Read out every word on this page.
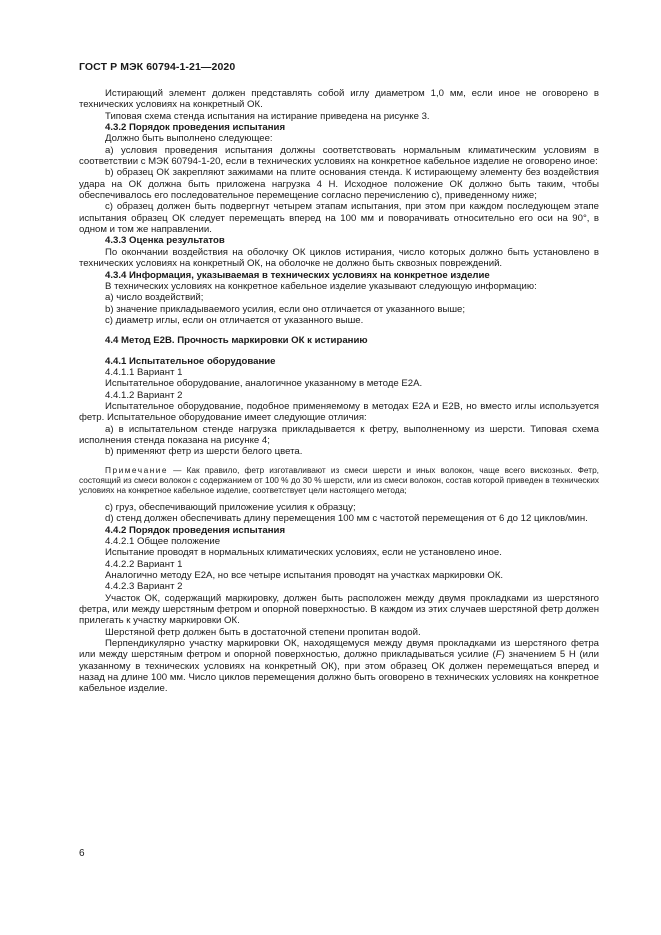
ГОСТ Р МЭК 60794-1-21—2020

Истирающий элемент должен представлять собой иглу диаметром 1,0 мм, если иное не оговорено в технических условиях на конкретный ОК.

Типовая схема стенда испытания на истирание приведена на рисунке 3.

4.3.2 Порядок проведения испытания

Должно быть выполнено следующее:

a) условия проведения испытания должны соответствовать нормальным климатическим условиям в соответствии с МЭК 60794-1-20, если в технических условиях на конкретное кабельное изделие не оговорено иное:

b) образец ОК закрепляют зажимами на плите основания стенда. К истирающему элементу без воздействия удара на ОК должна быть приложена нагрузка 4 Н. Исходное положение ОК должно быть таким, чтобы обеспечивалось его последовательное перемещение согласно перечислению c), приведенному ниже;

c) образец должен быть подвергнут четырем этапам испытания, при этом при каждом последующем этапе испытания образец ОК следует перемещать вперед на 100 мм и поворачивать относительно его оси на 90°, в одном и том же направлении.

4.3.3 Оценка результатов

По окончании воздействия на оболочку ОК циклов истирания, число которых должно быть установлено в технических условиях на конкретный ОК, на оболочке не должно быть сквозных повреждений.

4.3.4 Информация, указываемая в технических условиях на конкретное изделие

В технических условиях на конкретное кабельное изделие указывают следующую информацию:

a) число воздействий;

b) значение прикладываемого усилия, если оно отличается от указанного выше;

c) диаметр иглы, если он отличается от указанного выше.

4.4 Метод E2B. Прочность маркировки ОК к истиранию

4.4.1 Испытательное оборудование

4.4.1.1 Вариант 1

Испытательное оборудование, аналогичное указанному в методе E2A.

4.4.1.2 Вариант 2

Испытательное оборудование, подобное применяемому в методах E2A и E2B, но вместо иглы используется фетр. Испытательное оборудование имеет следующие отличия:

a) в испытательном стенде нагрузка прикладывается к фетру, выполненному из шерсти. Типовая схема исполнения стенда показана на рисунке 4;

b) применяют фетр из шерсти белого цвета.

Примечание — Как правило, фетр изготавливают из смеси шерсти и иных волокон, чаще всего вискозных. Фетр, состоящий из смеси волокон с содержанием от 100 % до 30 % шерсти, или из смеси волокон, состав которой приведен в технических условиях на конкретное кабельное изделие, соответствует цели настоящего метода;

c) груз, обеспечивающий приложение усилия к образцу;

d) стенд должен обеспечивать длину перемещения 100 мм с частотой перемещения от 6 до 12 циклов/мин.

4.4.2 Порядок проведения испытания

4.4.2.1 Общее положение

Испытание проводят в нормальных климатических условиях, если не установлено иное.

4.4.2.2 Вариант 1

Аналогично методу E2A, но все четыре испытания проводят на участках маркировки ОК.

4.4.2.3 Вариант 2

Участок ОК, содержащий маркировку, должен быть расположен между двумя прокладками из шерстяного фетра, или между шерстяным фетром и опорной поверхностью. В каждом из этих случаев шерстяной фетр должен прилегать к участку маркировки ОК.

Шерстяной фетр должен быть в достаточной степени пропитан водой.

Перпендикулярно участку маркировки ОК, находящемуся между двумя прокладками из шерстяного фетра или между шерстяным фетром и опорной поверхностью, должно прикладываться усилие (F) значением 5 Н (или указанному в технических условиях на конкретный ОК), при этом образец ОК должен перемещаться вперед и назад на длине 100 мм. Число циклов перемещения должно быть оговорено в технических условиях на конкретное кабельное изделие.

6
